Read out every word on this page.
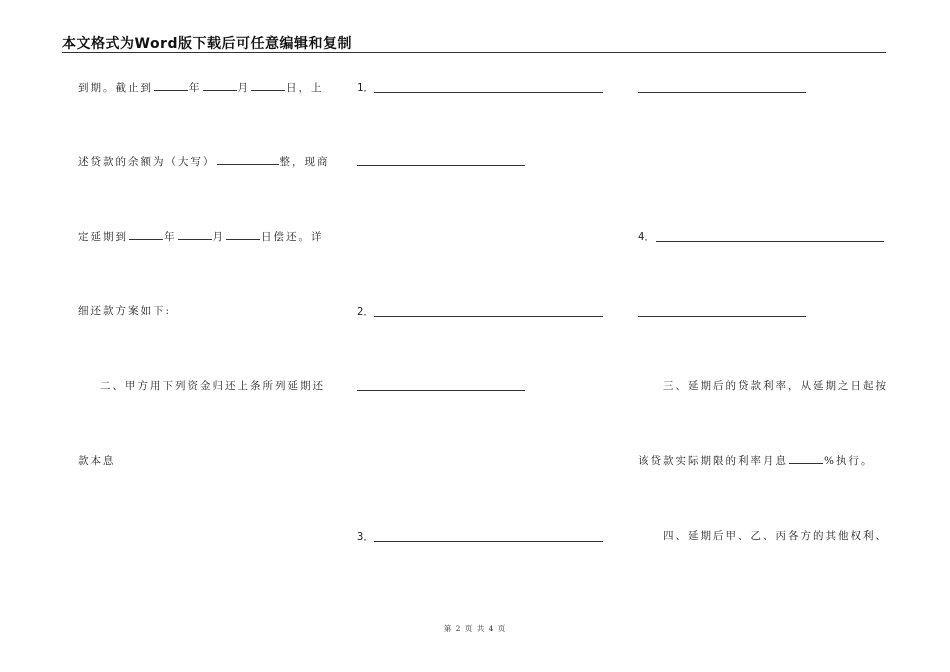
本文格式为Word版下载后可任意编辑和复制
到期。截止到	年	月	日，上
述贷款的余额为（大写）	整，现商
定延期到	年	月	日偿还。详
细还款方案如下:
二、甲方用下列资金归还上条所列延期还
款本息
1．
2．
3．
4．
三、延期后的贷款利率，从延期之日起按
该贷款实际期限的利率月息	%执行。
四、延期后甲、乙、丙各方的其他权利、
第 2 页 共 4 页
